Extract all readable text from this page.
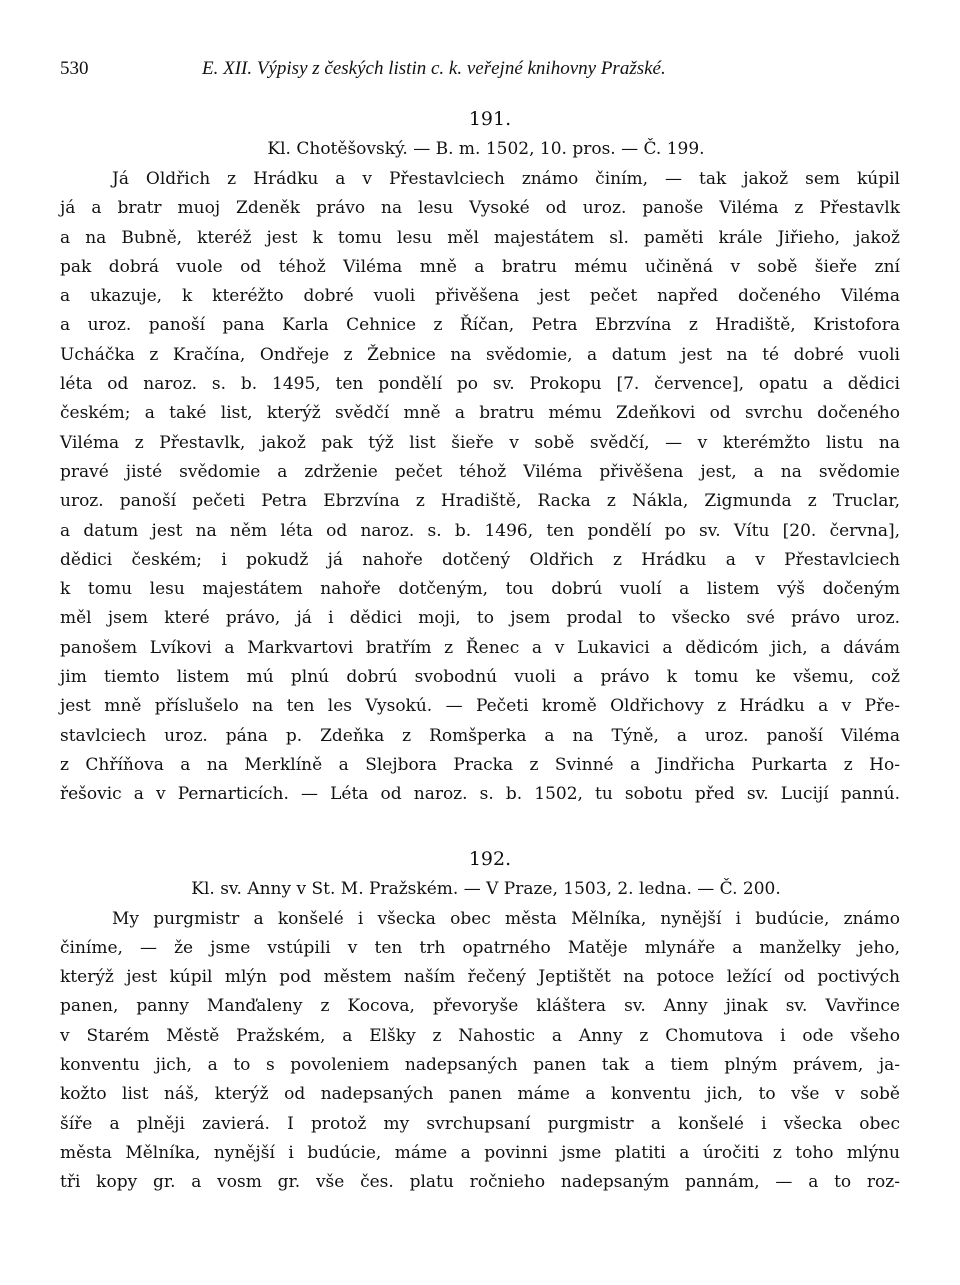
530	E. XII. Výpisy z českých listin c. k. veřejné knihovny Pražské.
191.
Kl. Chotěšovský. — B. m. 1502, 10. pros. — Č. 199.
Já Oldřich z Hrádku a v Přestavlciech známo činím, — tak jakož sem kúpil
já a bratr muoj Zdeněk právo na lesu Vysoké od uroz. panoše Viléma z Přestavlk
a na Bubně, kteréž jest k tomu lesu měl majestátem sl. paměti krále Jiřieho, jakož
pak dobrá vuole od téhož Viléma mně a bratru mému učiněná v sobě šieře zní
a ukazuje, k kteréžto dobré vuoli přivěšena jest pečet napřed dočeného Viléma
a uroz. panoší pana Karla Cehnice z Říčan, Petra Ebrzvína z Hradiště, Kristofora
Ucháčka z Kračína, Ondřeje z Žebnice na svědomie, a datum jest na té dobré vuoli
léta od naroz. s. b. 1495, ten pondělí po sv. Prokopu [7. července], opatu a dědici
českém; a také list, kterýž svědčí mně a bratru mému Zdeňkovi od svrchu dočeného
Viléma z Přestavlk, jakož pak týž list šieře v sobě svědčí, — v kterémžto listu na
pravé jisté svědomie a zdrženie pečet téhož Viléma přivěšena jest, a na svědomie
uroz. panoší pečeti Petra Ebrzvína z Hradiště, Racka z Nákla, Zigmunda z Truclar,
a datum jest na něm léta od naroz. s. b. 1496, ten pondělí po sv. Vítu [20. června],
dědici českém; i pokudž já nahoře dotčený Oldřich z Hrádku a v Přestavlciech
k tomu lesu majestátem nahoře dotčeným, tou dobrú vuolí a listem výš dočeným
měl jsem které právo, já i dědici moji, to jsem prodal to všecko své právo uroz.
panošem Lvíkovi a Markvartovi bratřím z Řenec a v Lukavici a dědicóm jich, a dávám
jim tiemto listem mú plnú dobrú svobodnú vuoli a právo k tomu ke všemu, což
jest mně příslušelo na ten les Vysokú. — Pečeti kromě Oldřichovy z Hrádku a v Pře-
stavlciech uroz. pána p. Zdeňka z Romšperka a na Týně, a uroz. panoší Viléma
z Chříňova a na Merklíně a Slejbora Pracka z Svinné a Jindřicha Purkarta z Ho-
řešovic a v Pernarticích. — Léta od naroz. s. b. 1502, tu sobotu před sv. Lucijí pannú.
192.
Kl. sv. Anny v St. M. Pražském. — V Praze, 1503, 2. ledna. — Č. 200.
My purgmistr a konšelé i všecka obec města Mělníka, nynější i budúcie, známo
činíme, — že jsme vstúpili v ten trh opatrného Matěje mlynáře a manželky jeho,
kterýž jest kúpil mlýn pod městem naším řečený Jeptištět na potoce ležící od poctivých
panen, panny Manďaleny z Kocova, převoryše kláštera sv. Anny jinak sv. Vavřince
v Starém Městě Pražském, a Elšky z Nahostic a Anny z Chomutova i ode všeho
konventu jich, a to s povoleniem nadepsaných panen tak a tiem plným právem, ja-
kožto list náš, kterýž od nadepsaných panen máme a konventu jich, to vše v sobě
šíře a plněji zavierá. I protož my svrchupsaní purgmistr a konšelé i všecka obec
města Mělníka, nynější i budúcie, máme a povinni jsme platiti a úročiti z toho mlýnu
tři kopy gr. a vosm gr. vše čes. platu ročnieho nadepsaným pannám, — a to roz-
